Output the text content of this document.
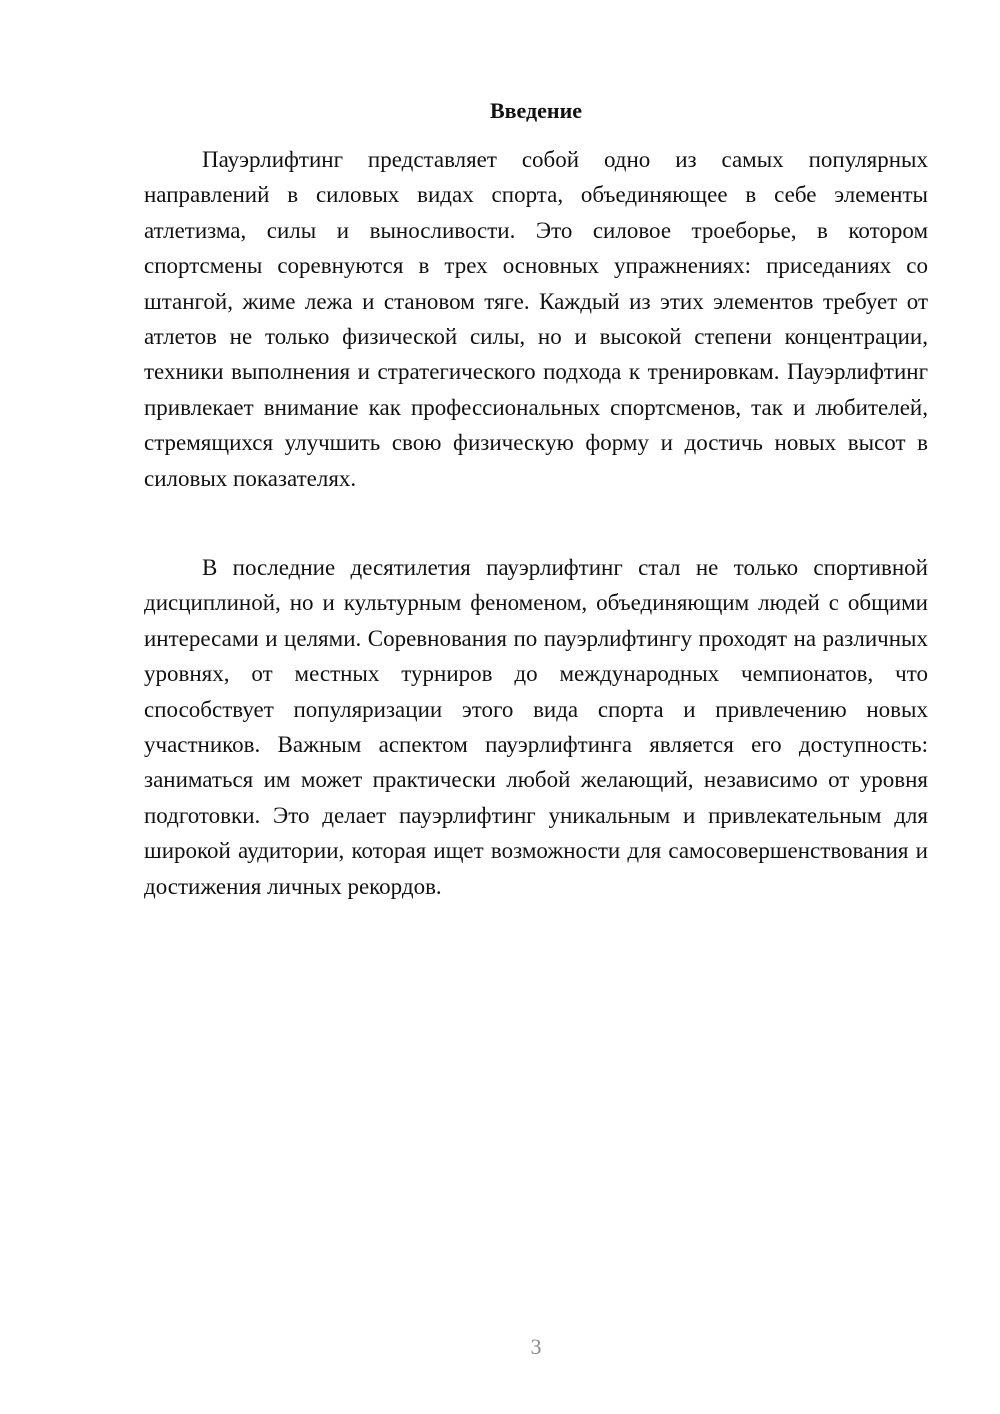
Введение

Пауэрлифтинг представляет собой одно из самых популярных направлений в силовых видах спорта, объединяющее в себе элементы атлетизма, силы и выносливости. Это силовое троеборье, в котором спортсмены соревнуются в трех основных упражнениях: приседаниях со штангой, жиме лежа и становом тяге. Каждый из этих элементов требует от атлетов не только физической силы, но и высокой степени концентрации, техники выполнения и стратегического подхода к тренировкам. Пауэрлифтинг привлекает внимание как профессиональных спортсменов, так и любителей, стремящихся улучшить свою физическую форму и достичь новых высот в силовых показателях.

В последние десятилетия пауэрлифтинг стал не только спортивной дисциплиной, но и культурным феноменом, объединяющим людей с общими интересами и целями. Соревнования по пауэрлифтингу проходят на различных уровнях, от местных турниров до международных чемпионатов, что способствует популяризации этого вида спорта и привлечению новых участников. Важным аспектом пауэрлифтинга является его доступность: заниматься им может практически любой желающий, независимо от уровня подготовки. Это делает пауэрлифтинг уникальным и привлекательным для широкой аудитории, которая ищет возможности для самосовершенствования и достижения личных рекордов.

3
